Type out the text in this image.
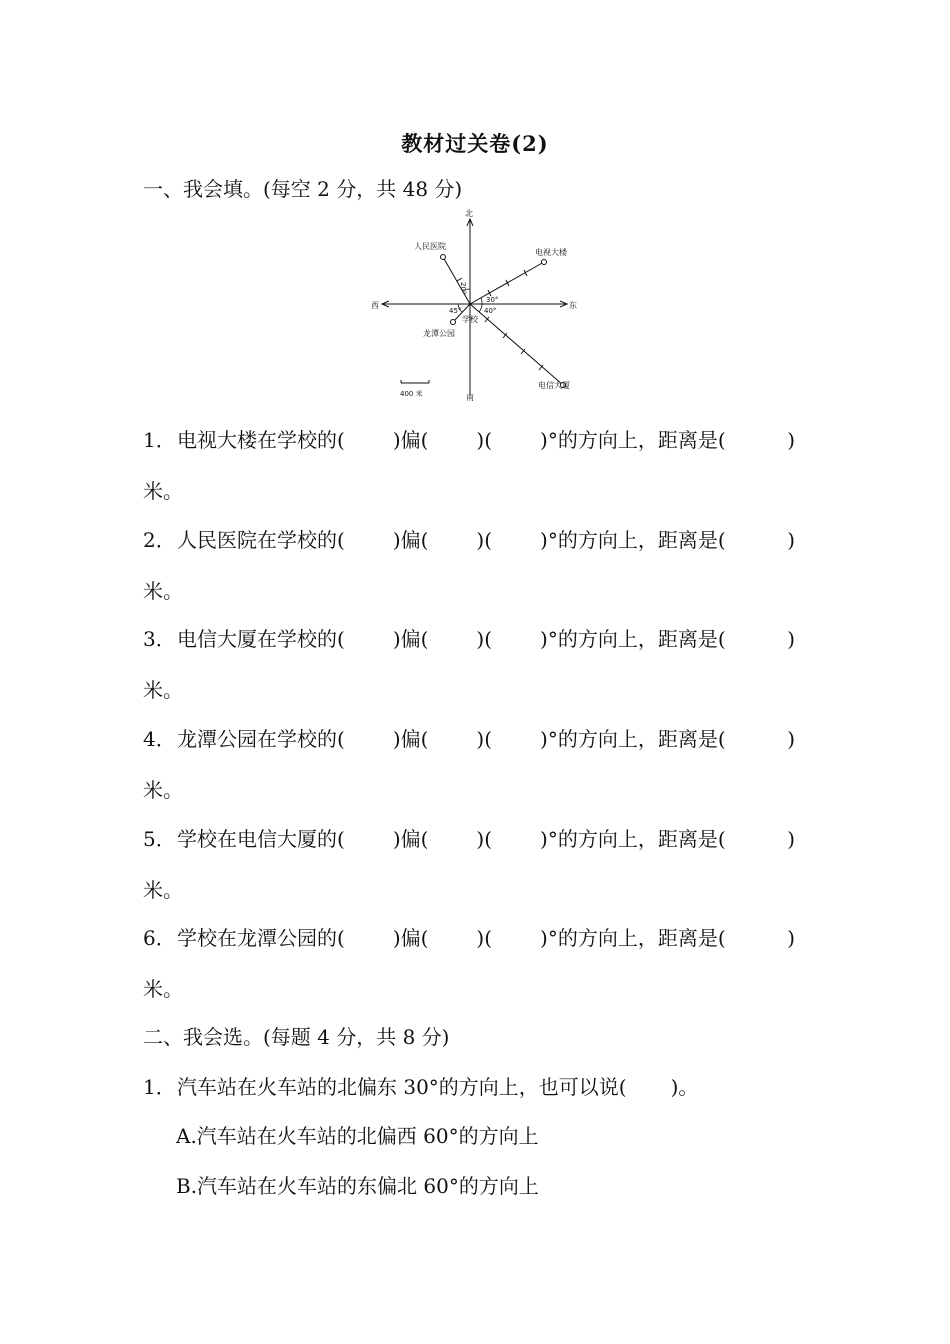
教材过关卷(2)
一、我会填。(每空 2 分，共 48 分)
北
南
东
西
学校
电视大楼
人民医院
龙潭公园
电信大厦
30°
40°
45°
20°
400 米
1．电视大楼在学校的( )偏( )( )°的方向上，距离是(	)
米。
2．人民医院在学校的( )偏( )( )°的方向上，距离是(	)
米。
3．电信大厦在学校的( )偏( )( )°的方向上，距离是(	)
米。
4．龙潭公园在学校的( )偏( )( )°的方向上，距离是(	)
米。
5．学校在电信大厦的( )偏( )( )°的方向上，距离是(	)
米。
6．学校在龙潭公园的( )偏( )( )°的方向上，距离是(	)
米。
二、我会选。(每题 4 分，共 8 分)
1．汽车站在火车站的北偏东 30°的方向上，也可以说( )。
A.汽车站在火车站的北偏西 60°的方向上
B.汽车站在火车站的东偏北 60°的方向上
